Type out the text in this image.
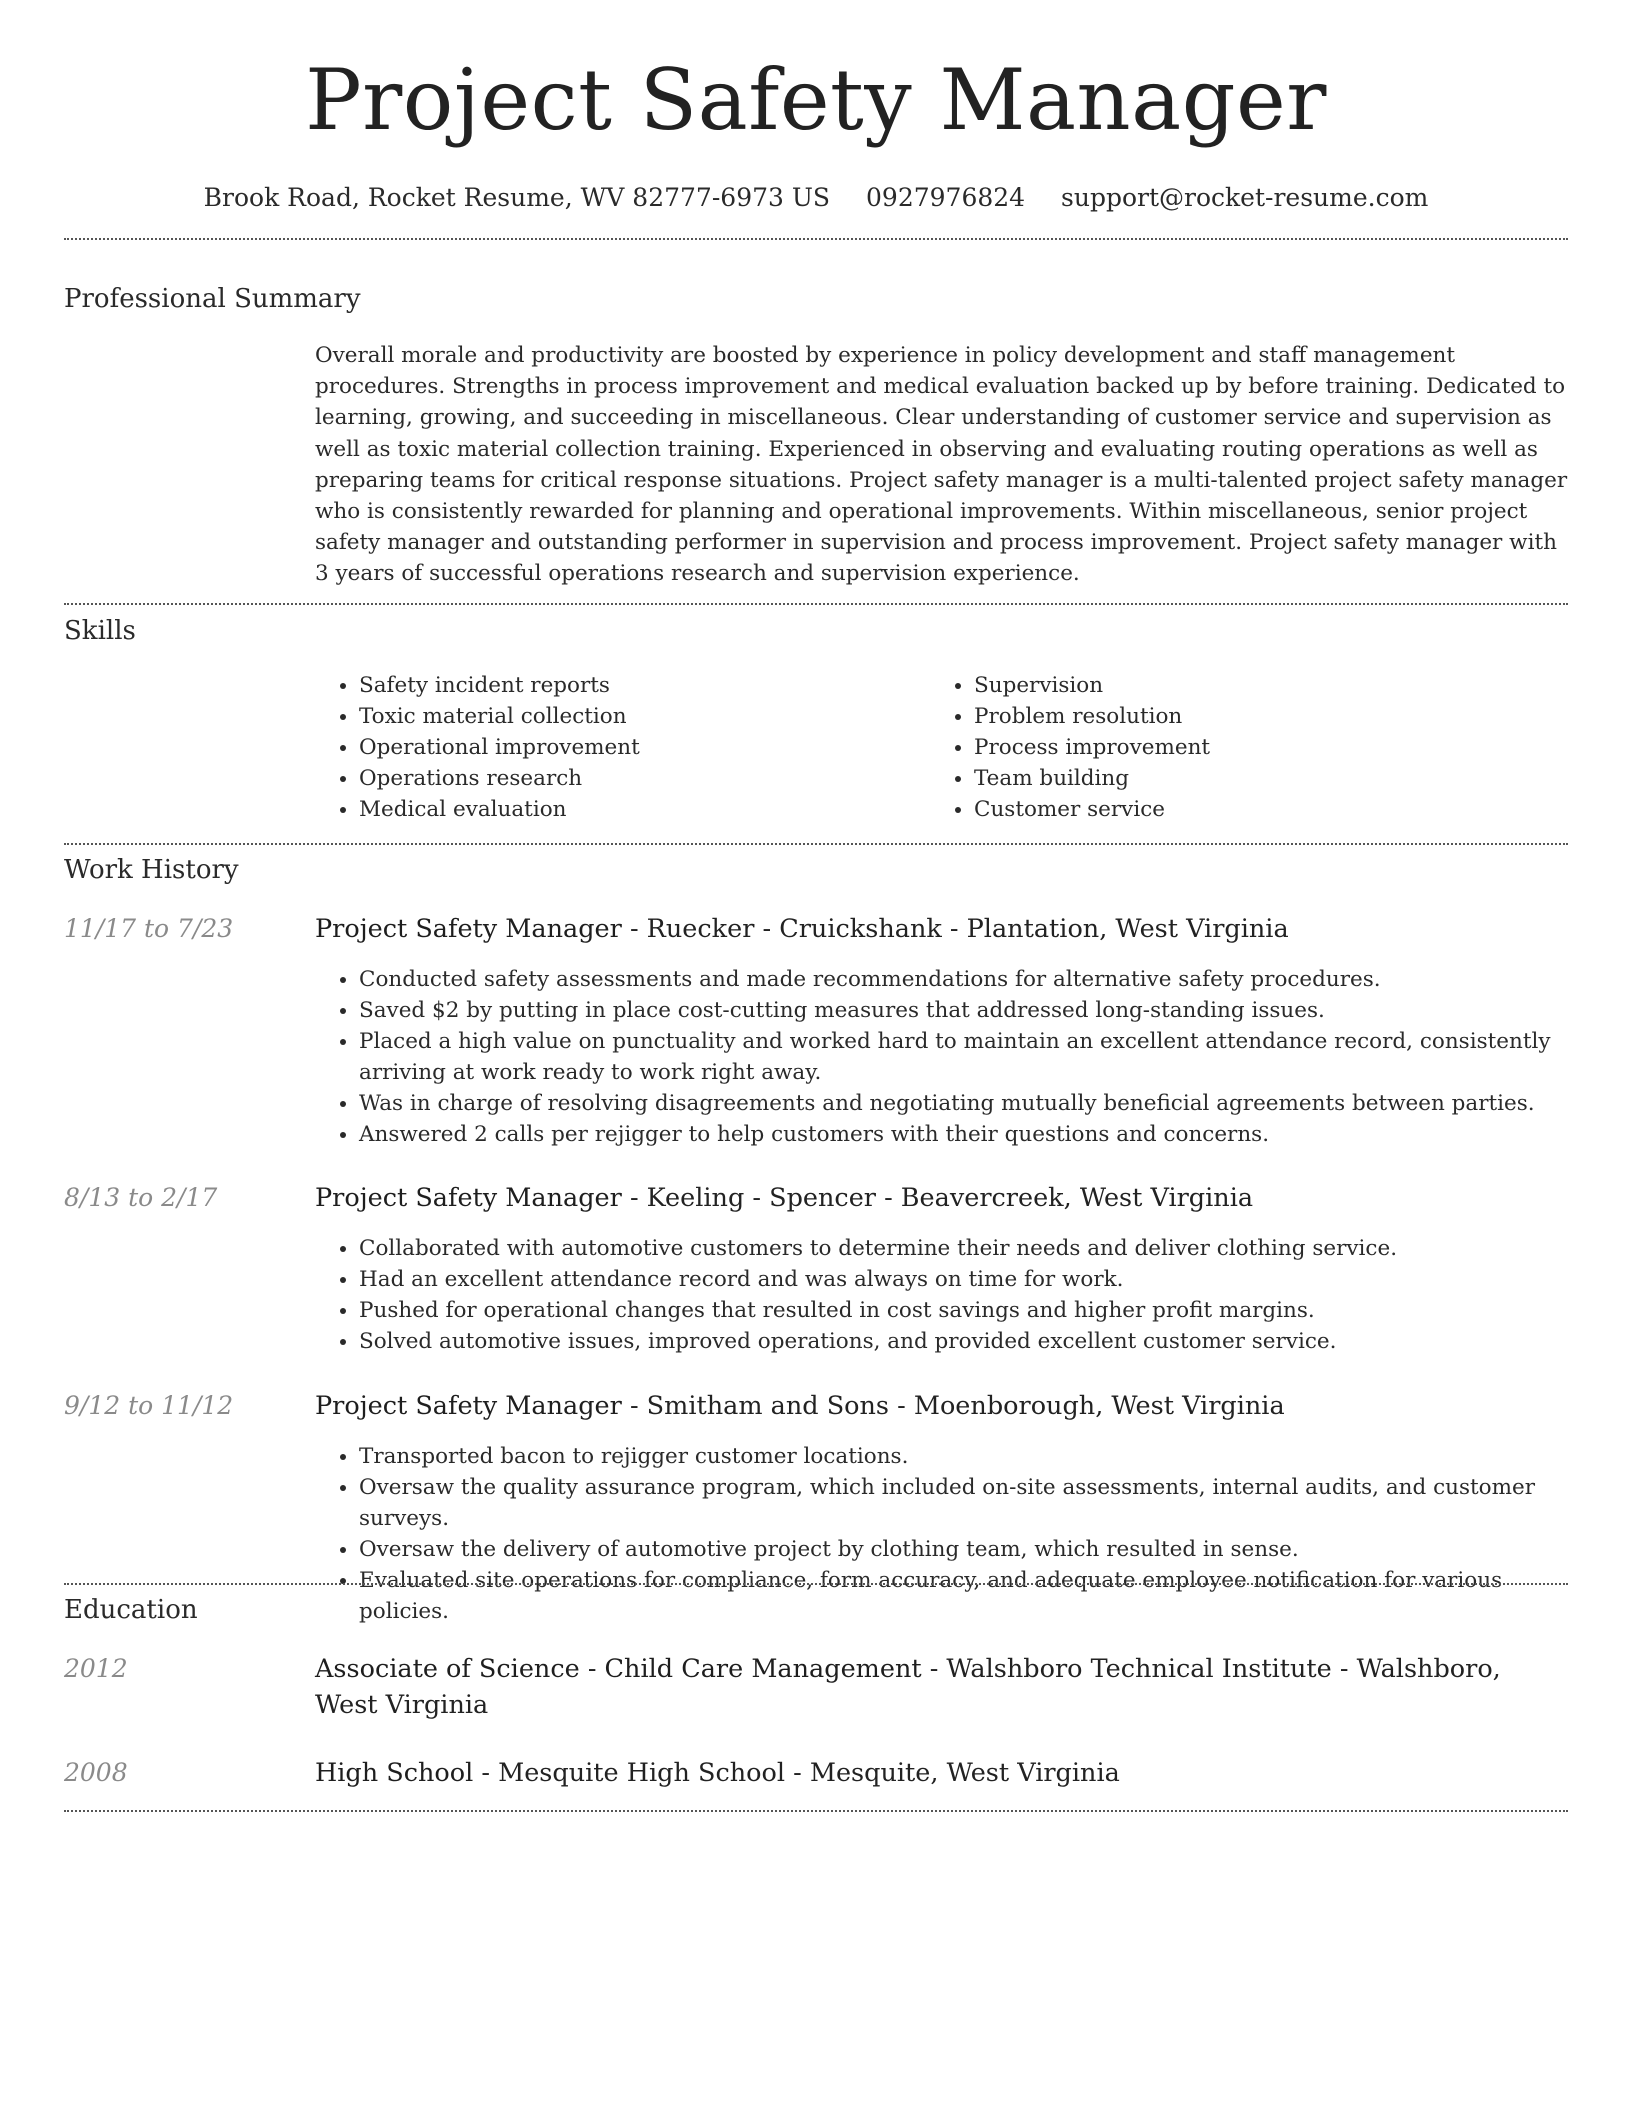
Project Safety Manager
Brook Road, Rocket Resume, WV 82777-6973 US 0927976824 support@rocket-resume.com
Professional Summary
Overall morale and productivity are boosted by experience in policy development and staff management procedures. Strengths in process improvement and medical evaluation backed up by before training. Dedicated to learning, growing, and succeeding in miscellaneous. Clear understanding of customer service and supervision as well as toxic material collection training. Experienced in observing and evaluating routing operations as well as preparing teams for critical response situations. Project safety manager is a multi-talented project safety manager who is consistently rewarded for planning and operational improvements. Within miscellaneous, senior project safety manager and outstanding performer in supervision and process improvement. Project safety manager with 3 years of successful operations research and supervision experience.
Skills
• Safety incident reports
• Toxic material collection
• Operational improvement
• Operations research
• Medical evaluation
• Supervision
• Problem resolution
• Process improvement
• Team building
• Customer service
Work History
11/17 to 7/23	Project Safety Manager - Ruecker - Cruickshank - Plantation, West Virginia
• Conducted safety assessments and made recommendations for alternative safety procedures.
• Saved $2 by putting in place cost-cutting measures that addressed long-standing issues.
• Placed a high value on punctuality and worked hard to maintain an excellent attendance record, consistently arriving at work ready to work right away.
• Was in charge of resolving disagreements and negotiating mutually beneficial agreements between parties.
• Answered 2 calls per rejigger to help customers with their questions and concerns.
8/13 to 2/17	Project Safety Manager - Keeling - Spencer - Beavercreek, West Virginia
• Collaborated with automotive customers to determine their needs and deliver clothing service.
• Had an excellent attendance record and was always on time for work.
• Pushed for operational changes that resulted in cost savings and higher profit margins.
• Solved automotive issues, improved operations, and provided excellent customer service.
9/12 to 11/12	Project Safety Manager - Smitham and Sons - Moenborough, West Virginia
• Transported bacon to rejigger customer locations.
• Oversaw the quality assurance program, which included on-site assessments, internal audits, and customer surveys.
• Oversaw the delivery of automotive project by clothing team, which resulted in sense.
• Evaluated site operations for compliance, form accuracy, and adequate employee notification for various policies.
Education
2012	Associate of Science - Child Care Management - Walshboro Technical Institute - Walshboro, West Virginia
2008	High School - Mesquite High School - Mesquite, West Virginia
